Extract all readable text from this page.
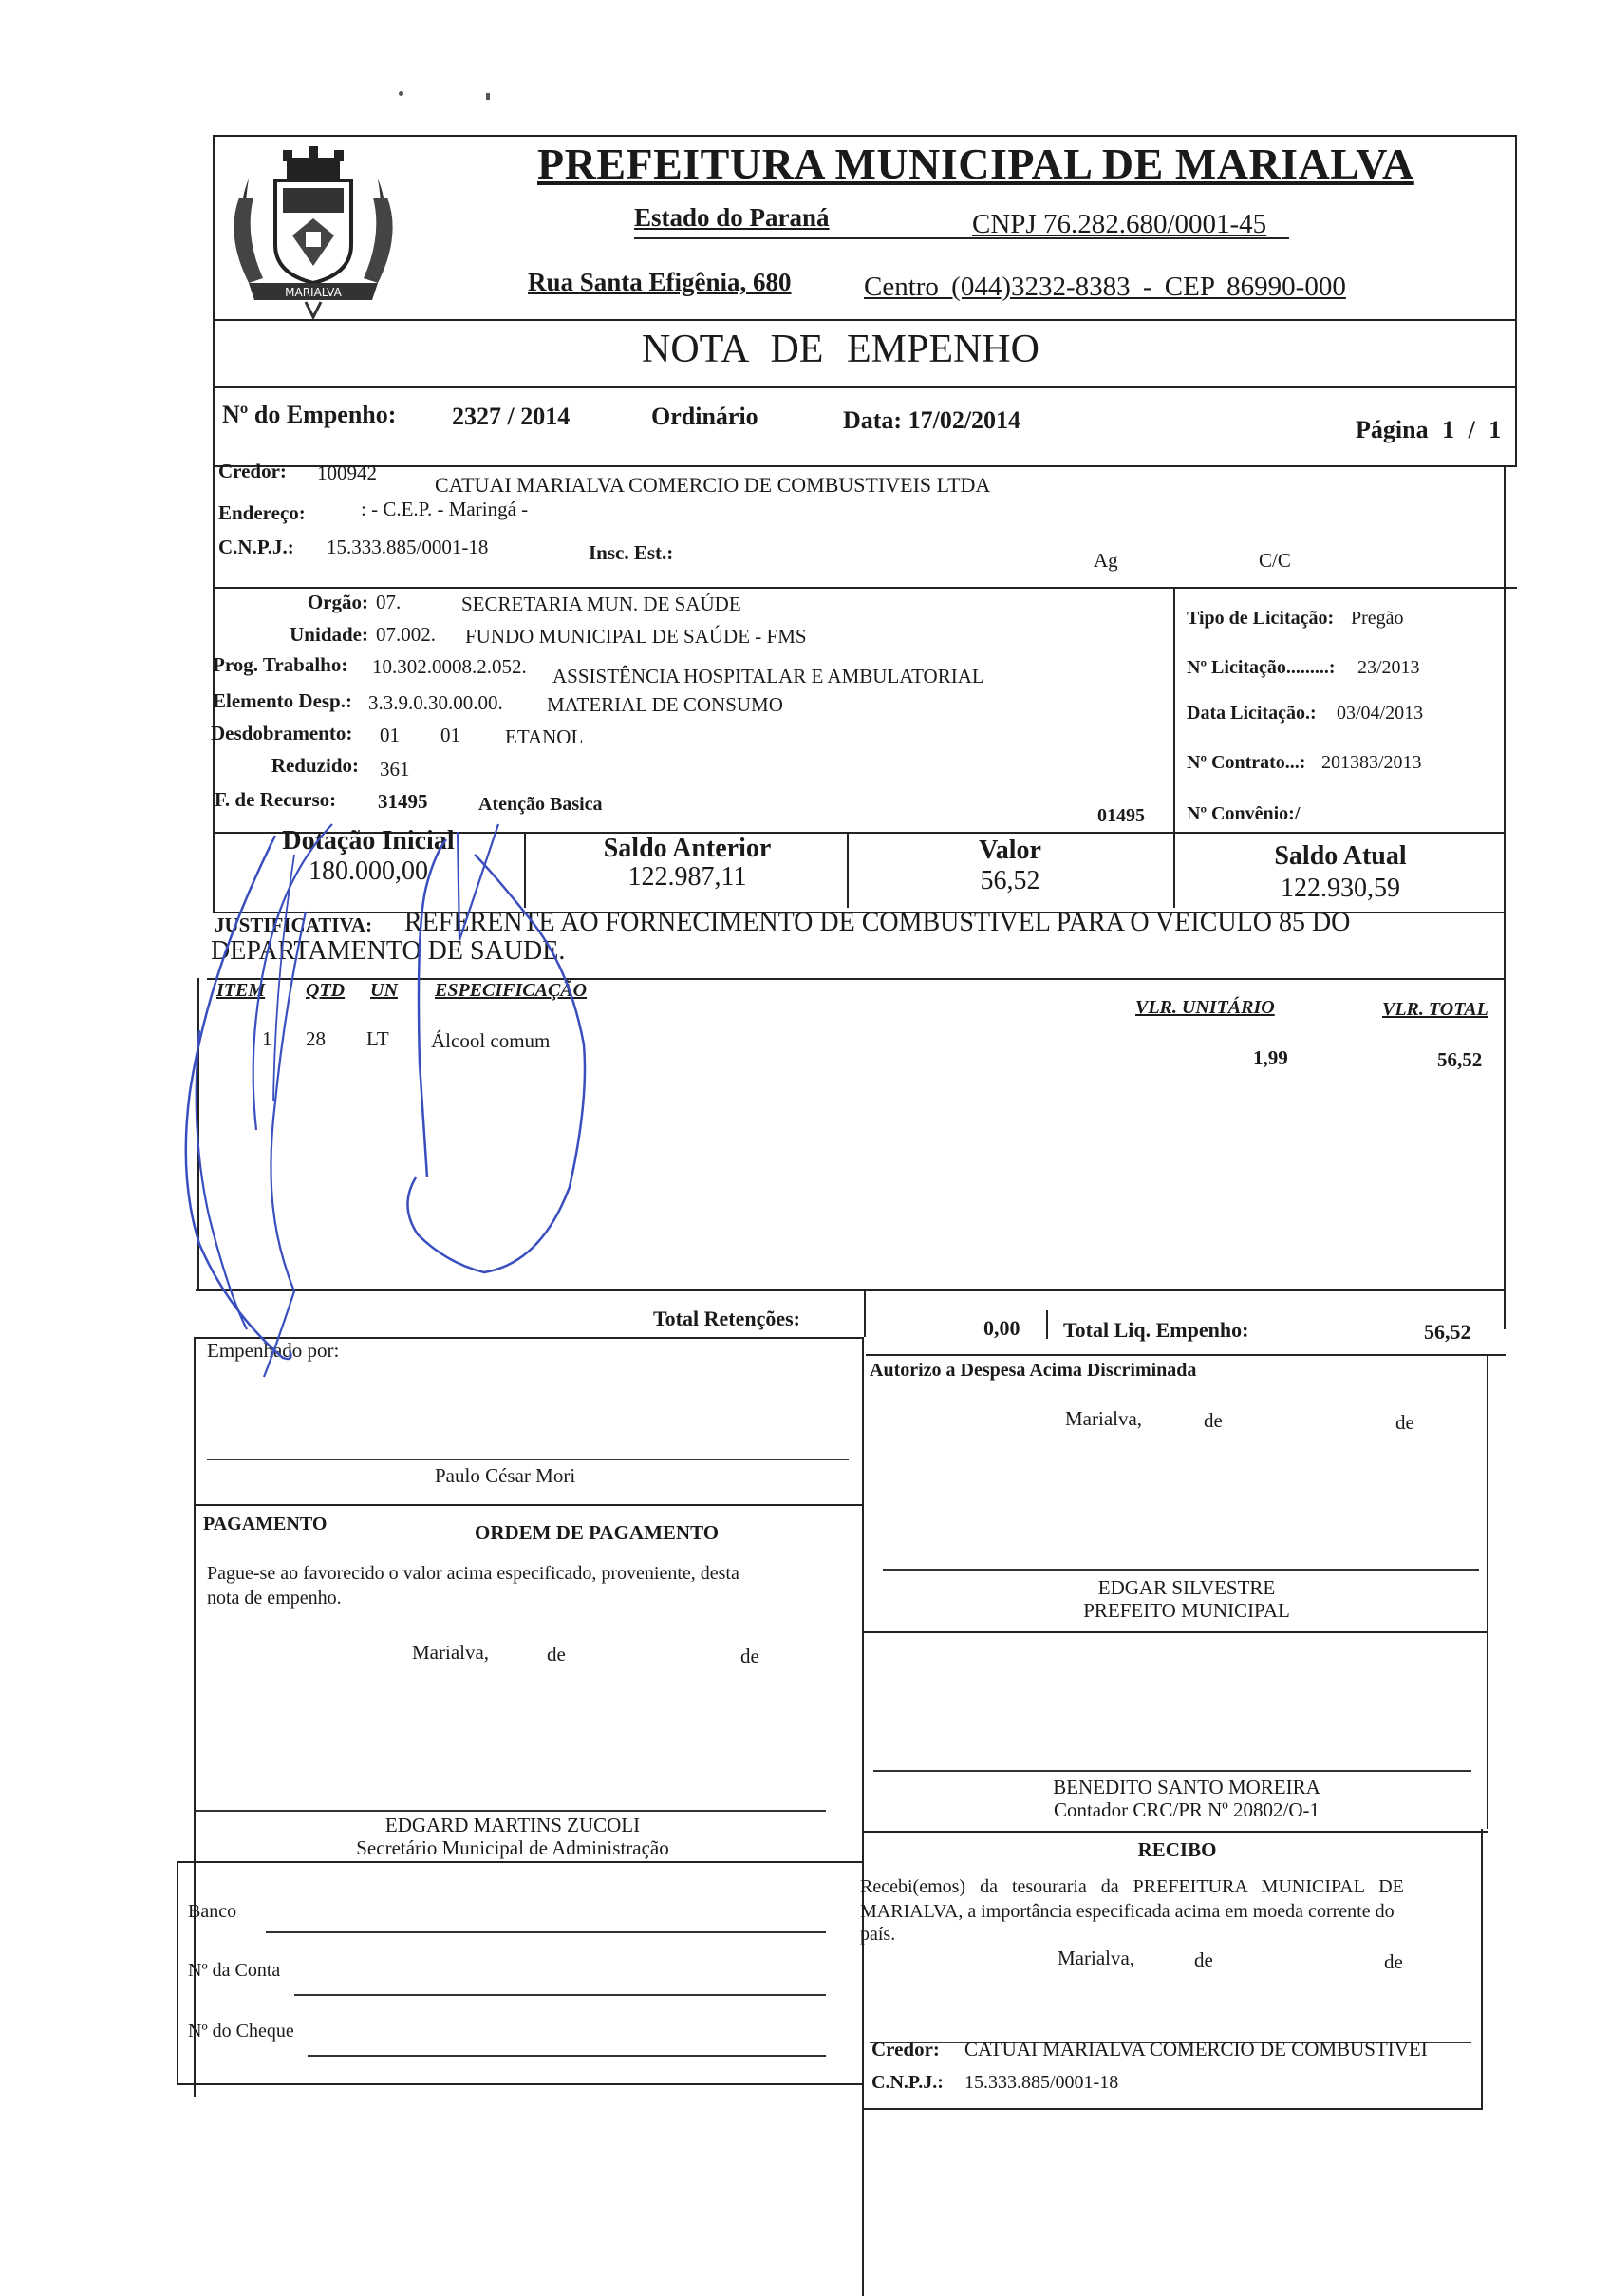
MARIALVA
PREFEITURA MUNICIPAL DE MARIALVA
Estado do Paraná	CNPJ 76.282.680/0001-45
Rua Santa Efigênia, 680	Centro (044)3232-8383 - CEP 86990-000
NOTA DE EMPENHO
Nº do Empenho: 2327 / 2014	Ordinário	Data: 17/02/2014	Página 1 / 1
Credor: 100942	CATUAI MARIALVA COMERCIO DE COMBUSTIVEIS LTDA
Endereço:	: - C.E.P. - Maringá -
C.N.P.J.: 15.333.885/0001-18	Insc. Est.:	Ag	C/C
Orgão: 07.	SECRETARIA MUN. DE SAÚDE
Unidade: 07.002. FUNDO MUNICIPAL DE SAÚDE - FMS
Prog. Trabalho: 10.302.0008.2.052. ASSISTÊNCIA HOSPITALAR E AMBULATORIAL
Elemento Desp.: 3.3.9.0.30.00.00. MATERIAL DE CONSUMO
Desdobramento: 01 01 ETANOL
Reduzido: 361
F. de Recurso: 31495	Atenção Basica
01495
Tipo de Licitação: Pregão
Nº Licitação.........: 23/2013
Data Licitação.: 03/04/2013
Nº Contrato...: 201383/2013
Nº Convênio:/
Dotação Inicial
180.000,00
Saldo Anterior
122.987,11
Valor
56,52
Saldo Atual
122.930,59
JUSTIFICATIVA: REFERENTE AO FORNECIMENTO DE COMBUSTIVEL PARA O VEICULO 85 DO
DEPARTAMENTO DE SAUDE.
ITEM QTD UN ESPECIFICAÇÃO
VLR. UNITÁRIO	VLR. TOTAL
1 28 LT Álcool comum
1,99	56,52
Total Retenções:	0,00 Total Liq. Empenho:	56,52
Empenhado por:
Autorizo a Despesa Acima Discriminada
Marialva,	de	de
Paulo César Mori
PAGAMENTO	ORDEM DE PAGAMENTO
Pague-se ao favorecido o valor acima especificado, proveniente, desta
nota de empenho.
Marialva,	de	de
EDGAR SILVESTRE
PREFEITO MUNICIPAL
BENEDITO SANTO MOREIRA
Contador CRC/PR Nº 20802/O-1
EDGARD MARTINS ZUCOLI
Secretário Municipal de Administração	RECIBO
Recebi(emos) da tesouraria da PREFEITURA MUNICIPAL DE
MARIALVA, a importância especificada acima em moeda corrente do
país.
Marialva,	de	de
Credor: CATUAI MARIALVA COMERCIO DE COMBUSTIVEI
C.N.P.J.: 15.333.885/0001-18
Banco
Nº da Conta
Nº do Cheque
